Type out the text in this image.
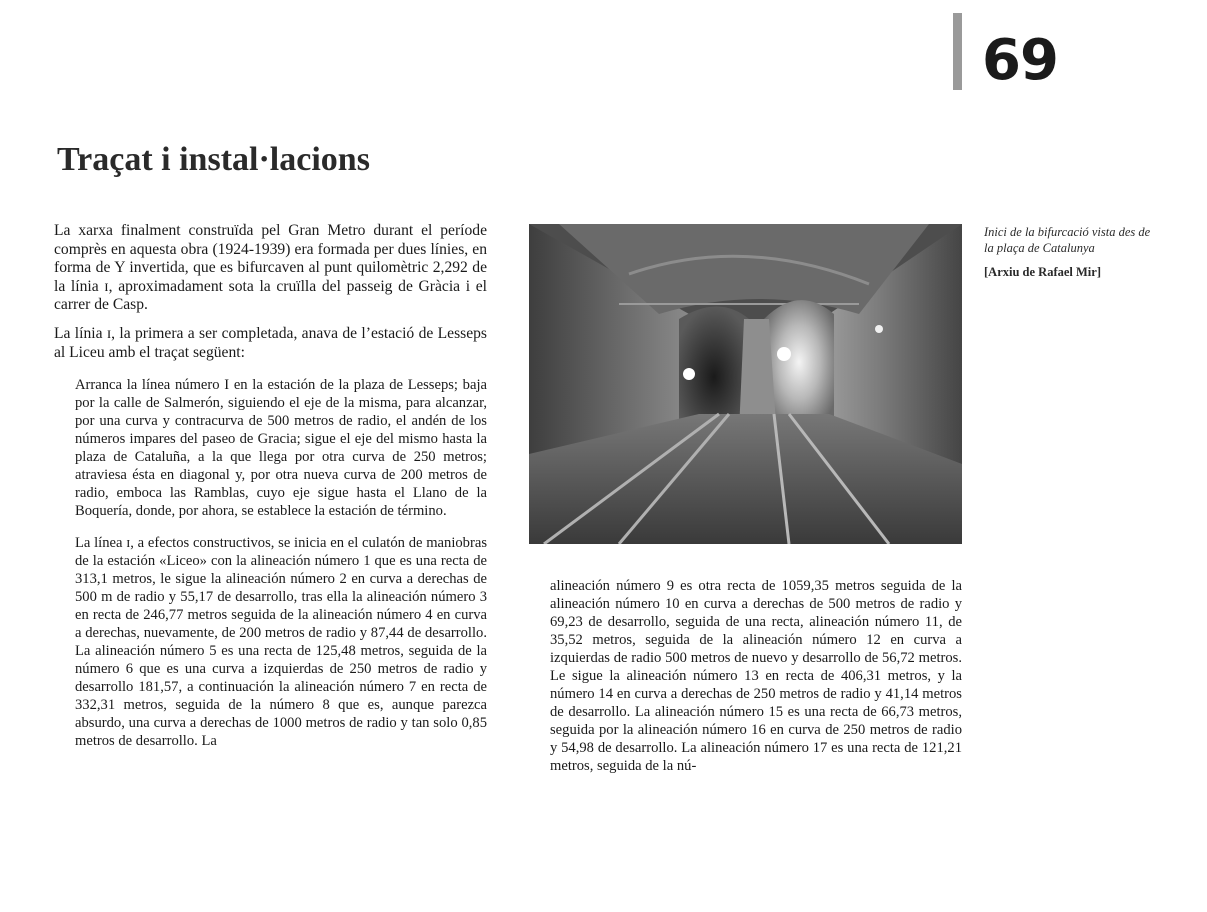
69
Traçat i instal·lacions

La xarxa finalment construïda pel Gran Metro durant el període comprès en aquesta obra (1924-1939) era formada per dues línies, en forma de Y invertida, que es bifurcaven al punt quilomètric 2,292 de la línia ɪ, aproximadament sota la cruïlla del passeig de Gràcia i el carrer de Casp.

La línia ɪ, la primera a ser completada, anava de l’estació de Lesseps al Liceu amb el traçat següent:

Arranca la línea número I en la estación de la plaza de Lesseps; baja por la calle de Salmerón, siguiendo el eje de la misma, para alcanzar, por una curva y contracurva de 500 metros de radio, el andén de los números impares del paseo de Gracia; sigue el eje del mismo hasta la plaza de Cataluña, a la que llega por otra curva de 250 metros; atraviesa ésta en diagonal y, por otra nueva curva de 200 metros de radio, emboca las Ramblas, cuyo eje sigue hasta el Llano de la Boquería, donde, por ahora, se establece la estación de término.

La línea ɪ, a efectos constructivos, se inicia en el culatón de maniobras de la estación «Liceo» con la alineación número 1 que es una recta de 313,1 metros, le sigue la alineación número 2 en curva a derechas de 500 m de radio y 55,17 de desarrollo, tras ella la alineación número 3 en recta de 246,77 metros seguida de la alineación número 4 en curva a derechas, nuevamente, de 200 metros de radio y 87,44 de desarrollo. La alineación número 5 es una recta de 125,48 metros, seguida de la número 6 que es una curva a izquierdas de 250 metros de radio y desarrollo 181,57, a continuación la alineación número 7 en recta de 332,31 metros, seguida de la número 8 que es, aunque parezca absurdo, una curva a derechas de 1000 metros de radio y tan solo 0,85 metros de desarrollo. La

Inici de la bifurcació vista des de la plaça de Catalunya

[Arxiu de Rafael Mir]

alineación número 9 es otra recta de 1059,35 metros seguida de la alineación número 10 en curva a derechas de 500 metros de radio y 69,23 de desarrollo, seguida de una recta, alineación número 11, de 35,52 metros, seguida de la alineación número 12 en curva a izquierdas de radio 500 metros de nuevo y desarrollo de 56,72 metros. Le sigue la alineación número 13 en recta de 406,31 metros, y la número 14 en curva a derechas de 250 metros de radio y 41,14 metros de desarrollo. La alineación número 15 es una recta de 66,73 metros, seguida por la alineación número 16 en curva de 250 metros de radio y 54,98 de desarrollo. La alineación número 17 es una recta de 121,21 metros, seguida de la nú-
